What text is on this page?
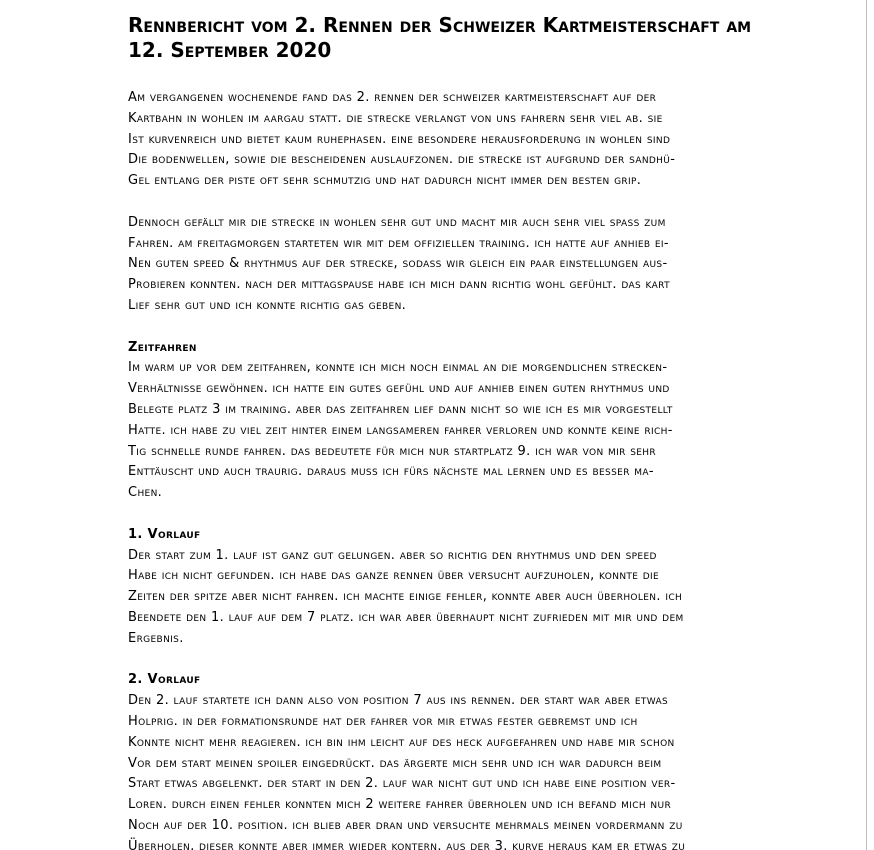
Rennbericht vom 2. Rennen der Schweizer Kartmeisterschaft am
12. September 2020
Am vergangenen wochenende fand das 2. rennen der schweizer kartmeisterschaft auf der
Kartbahn in wohlen im aargau statt. die strecke verlangt von uns fahrern sehr viel ab. sie
Ist kurvenreich und bietet kaum ruhephasen. eine besondere herausforderung in wohlen sind
Die bodenwellen, sowie die bescheidenen auslaufzonen. die strecke ist aufgrund der sandhü-
Gel entlang der piste oft sehr schmutzig und hat dadurch nicht immer den besten grip.
Dennoch gefällt mir die strecke in wohlen sehr gut und macht mir auch sehr viel spass zum
Fahren. am freitagmorgen starteten wir mit dem offiziellen training. ich hatte auf anhieb ei-
Nen guten speed & rhythmus auf der strecke, sodass wir gleich ein paar einstellungen aus-
Probieren konnten. nach der mittagspause habe ich mich dann richtig wohl gefühlt. das kart
Lief sehr gut und ich konnte richtig gas geben.
Zeitfahren
Im warm up vor dem zeitfahren, konnte ich mich noch einmal an die morgendlichen strecken-
Verhältnisse gewöhnen. ich hatte ein gutes gefühl und auf anhieb einen guten rhythmus und
Belegte platz 3 im training. aber das zeitfahren lief dann nicht so wie ich es mir vorgestellt
Hatte. ich habe zu viel zeit hinter einem langsameren fahrer verloren und konnte keine rich-
Tig schnelle runde fahren. das bedeutete für mich nur startplatz 9. ich war von mir sehr
Enttäuscht und auch traurig. daraus muss ich fürs nächste mal lernen und es besser ma-
Chen.
1. Vorlauf
Der start zum 1. lauf ist ganz gut gelungen. aber so richtig den rhythmus und den speed
Habe ich nicht gefunden. ich habe das ganze rennen über versucht aufzuholen, konnte die
Zeiten der spitze aber nicht fahren. ich machte einige fehler, konnte aber auch überholen. ich
Beendete den 1. lauf auf dem 7 platz. ich war aber überhaupt nicht zufrieden mit mir und dem
Ergebnis.
2. Vorlauf
Den 2. lauf startete ich dann also von position 7 aus ins rennen. der start war aber etwas
Holprig. in der formationsrunde hat der fahrer vor mir etwas fester gebremst und ich
Konnte nicht mehr reagieren. ich bin ihm leicht auf des heck aufgefahren und habe mir schon
Vor dem start meinen spoiler eingedrückt. das ärgerte mich sehr und ich war dadurch beim
Start etwas abgelenkt. der start in den 2. lauf war nicht gut und ich habe eine position ver-
Loren. durch einen fehler konnten mich 2 weitere fahrer überholen und ich befand mich nur
Noch auf der 10. position. ich blieb aber dran und versuchte mehrmals meinen vordermann zu
Überholen, dieser konnte aber immer wieder kontern. aus der 3. kurve heraus kam er etwas zu
